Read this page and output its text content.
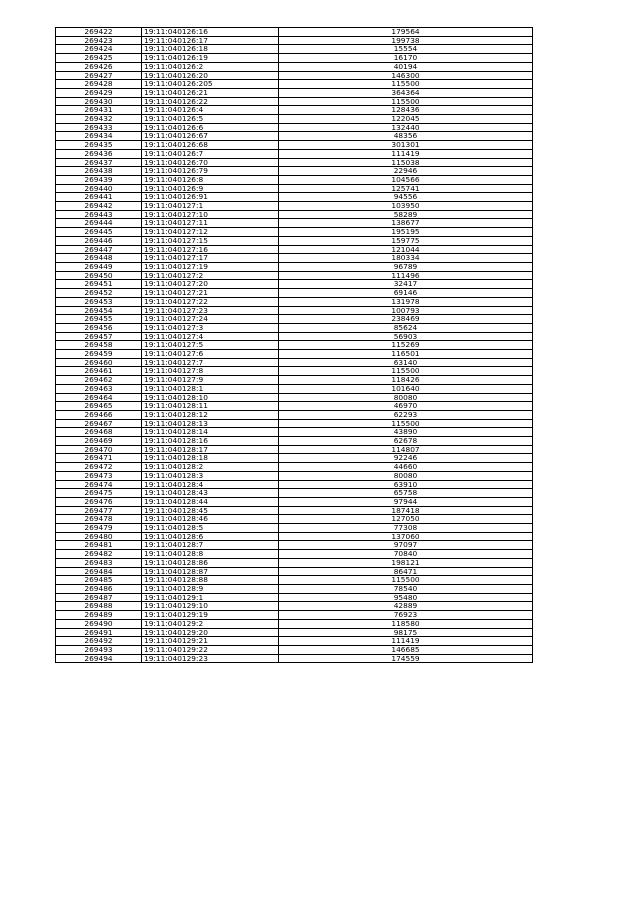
269422	19:11:040126:16	179564
269423	19:11:040126:17	199738
269424	19:11:040126:18	15554
269425	19:11:040126:19	16170
269426	19:11:040126:2	40194
269427	19:11:040126:20	146300
269428	19:11:040126:205	115500
269429	19:11:040126:21	364364
269430	19:11:040126:22	115500
269431	19:11:040126:4	128436
269432	19:11:040126:5	122045
269433	19:11:040126:6	132440
269434	19:11:040126:67	48356
269435	19:11:040126:68	301301
269436	19:11:040126:7	111419
269437	19:11:040126:70	115038
269438	19:11:040126:79	22946
269439	19:11:040126:8	104566
269440	19:11:040126:9	125741
269441	19:11:040126:91	94556
269442	19:11:040127:1	103950
269443	19:11:040127:10	58289
269444	19:11:040127:11	138677
269445	19:11:040127:12	195195
269446	19:11:040127:15	159775
269447	19:11:040127:16	121044
269448	19:11:040127:17	180334
269449	19:11:040127:19	96789
269450	19:11:040127:2	111496
269451	19:11:040127:20	32417
269452	19:11:040127:21	69146
269453	19:11:040127:22	131978
269454	19:11:040127:23	100793
269455	19:11:040127:24	238469
269456	19:11:040127:3	85624
269457	19:11:040127:4	56903
269458	19:11:040127:5	115269
269459	19:11:040127:6	116501
269460	19:11:040127:7	63140
269461	19:11:040127:8	115500
269462	19:11:040127:9	118426
269463	19:11:040128:1	101640
269464	19:11:040128:10	80080
269465	19:11:040128:11	46970
269466	19:11:040128:12	62293
269467	19:11:040128:13	115500
269468	19:11:040128:14	43890
269469	19:11:040128:16	62678
269470	19:11:040128:17	114807
269471	19:11:040128:18	92246
269472	19:11:040128:2	44660
269473	19:11:040128:3	80080
269474	19:11:040128:4	63910
269475	19:11:040128:43	65758
269476	19:11:040128:44	97944
269477	19:11:040128:45	187418
269478	19:11:040128:46	127050
269479	19:11:040128:5	77308
269480	19:11:040128:6	137060
269481	19:11:040128:7	97097
269482	19:11:040128:8	70840
269483	19:11:040128:86	198121
269484	19:11:040128:87	86471
269485	19:11:040128:88	115500
269486	19:11:040128:9	78540
269487	19:11:040129:1	95480
269488	19:11:040129:10	42889
269489	19:11:040129:19	76923
269490	19:11:040129:2	118580
269491	19:11:040129:20	98175
269492	19:11:040129:21	111419
269493	19:11:040129:22	146685
269494	19:11:040129:23	174559
